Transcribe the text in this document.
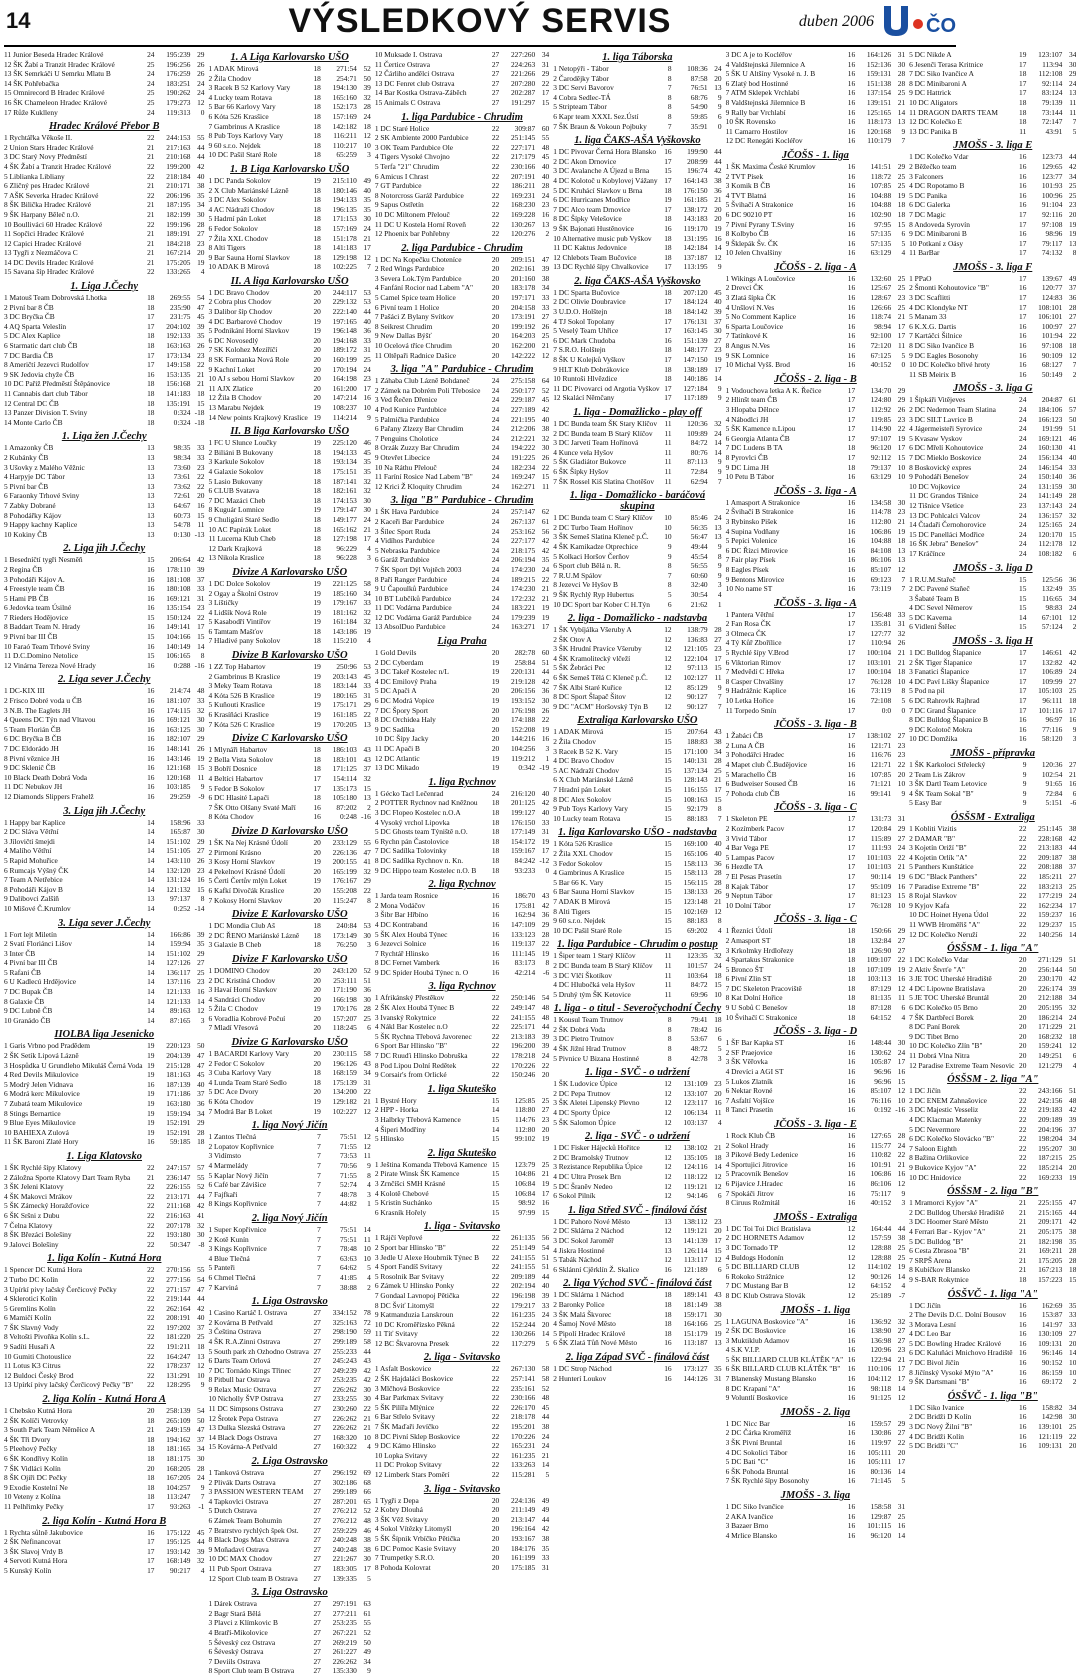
14	VÝSLEDKOVÝ SERVIS	duben 2006	ČO
11 Junior Beseda Hradec Králové	24	195:239 29
12 ŠK Žabí a Tranzit Hradec Králové	25	196:256 26
13 ŠK Semrkáči U Semrku Mlatu B	24	176:259 26
14 ŠK Pohřebačka	24	183:251 24
15 Omnirecord B Hradec Králové	25	190:262 24
16 ŠK Chameleon Hradec Králové	25	179:273 12
17 Růže Kuklleny	24	119:313	0
Hradec Králové Přebor B
1 Rychtářka Věkoše II.	22	244:153 55
2 Union Stars Hradec Králové	21	217:163 44
3 DC Starý Novy Předměstí	21	210:168 44
4 ŠK Žabí a Tranzit Hradec Králové	22	199:200 42
5 Liblianka Libliany	22	218:184 40
6 Zličný pes Hradec Králové	21	210:171 38
7 AŠK Severka Hradec Králové	22	206:196 35
8 ŠK Bilička Hradec Králové	21	187:195 34
9 ŠK Harpany Běleč n.O.	21	182:199 30
10 Boulliváci 60 Hradec Králové	22	199:196 28
11 Sopčici Hradec Králové	21	189:191 27
12 Capici Hradec Králové	21	184:218 23
13 Tygři z Nezmáčova C	21	167:214 20
14 DC Devils Hradec Králové	21	175:205 19
15 Savana šíp Hradec Králové	22	133:265	4
1. Liga J.Čechy
1 Matouš Team Dobrovská Lhotka	18	269:55 54
2 Pivní bar 8 ČB	18	235:90 47
3 DC Bryčka ČB	17	231:75 45
4 AQ Sparta Veleslín	17	204:102 39
5 DC Alex Kaplice	18	192:133 35
6 Starmatic dart club ČB	18	163:163 26
7 DC Bardia ČB	17	173:134 23
8 Američtí Jezevci Rudolfov	17	149:158 22
9 SK Jedovia chyže ČB	16	153:135 21
10 DC Pařiž Předměstí Štěpánovice	18	156:168 21
11 Cannabis dart club Tábor	18	141:183 18
12 Central DC ČB	18	135:191 15
13 Panzer Division T. Sviny	18	0:324 -18
14 Monte Carlo ČB	18	0:324 -18
1. Liga žen J.Čechy
1 Amazonky ČB	13	98:35 33
2 Kubánky ČB	13	98:34 33
3 Ušovky z Malého Věžnic	13	73:60 23
4 Harpyje DC Tábor	13	73:61 22
5 Pivní bar ČB	13	73:62 22
6 Faraonky Trhové Sviny	13	72:61 20
7 Zabky Dobrané	13	64:67 16
8 Pohodářky Kájov	13	60:73 15
9 Happy kachny Kaplice	13	54:78 11
10 Kokiny ČB	13	0:130 -13
2. Liga jih J.Čechy
1 Besedníčtí tygři Nesměň	15	206:64 42
2 Regina ČB	16	178:110 39
3 Pohodáři Kájov A.	16	181:108 37
4 Freestyle team ČB	16	180:108 33
5 Hami PB ČB	16	169:121 31
6 Jedovka team Úsilné	16	135:154 23
7 Rieders Hodějovice	15	150:124 22
8 Baddart Team N. Hrady	16	149:141 17
9 Pivní bar III ČB	15	104:166 15
10 Faraó Team Trhové Sviny	16	140:149 14
11 D.C.Domino Netolice	15	106:165	8
12 Vinárna Tereza Nové Hrady	16	0:288 -16
2. Liga sever J.Čechy
1 DC-KIX III	16	214:74 48
2 Frisco Dobré voda u ČB	16	181:107 33
3 N.B. The Eaglets JH	16	174:115 32
4 Queens DC Týn nad Vltavou	16	169:121 30
5 Team Florián ČB	16	163:125 30
6 DC Bryčka B ČB	16	182:107 29
7 DC Eldorádo JH	16	148:141 26
8 Pivní věznice JH	16	143:146 19
9 DC Sklenič ČB	16	121:168 15
10 Black Death Dobrá Voda	16	120:168 11
11 DC Nebukov JH	16	103:185	9
12 Diamonds Slippers Frahelž	16	29:259	-9
3. Liga jih J.Čechy
1 Happy bar Kaplice	14	158:96 33
2 DC Sláva Větřní	14	165:87 30
3 Jílovičtí šmejdi	14	151:102 29
4 Malího Větřní	14	151:105 27
5 Rapid Mohuřice	14	143:110 26
6 Rumcajs Výšný ČK	14	132:120 23
7 Team A Netřebice	14	131:124 16
8 Pohodáři Kájov B	14	121:132 15
9 Dalibovci Zalšíň	13	97:137	8
10 Mišové Č.Krumlov	14	0:252 -14
3. Liga sever J.Čechy
1 Fort lejt Miletín	14	166:86 39
2 Svatí Floriánci Lišov	14	159:94 35
3 Inter ČB	14	151:102 29
4 Pivní bar III ČB	14	127:126 27
5 Rafani ČB	14	136:117 25
6 U Kadlecú Hrdějovice	14	137:116 23
7 DC Bupak ČB	14	121:133 16
8 Galaxie ČB	14	121:133 14
9 DC Lubně ČB	14	89:163 12
10 Granádo ČB	14	87:165	3
IIOLBA liga Jesenicko
1 Garis Vrbno pod Pradědem	19	220:123 50
2 ŠK Setík Lipová Lázně	19	204:139 47
3 Hospůdka U Grundleho Mikuláš Černá Voda 19	215:128 47
4 Red Devils Mikulovice	19	181:163 45
5 Modrý Jelen Vidnava	16	187:139 40
6 Modrá kerc Mikulovice	19	171:186 37
7 Zubatá team Mikulovice	19	163:180 36
8 Stings Bernartice	19	159:194 34
9 Blue Eyes Mikulovice	19	152:191 29
10 BAHIEXA Zulová	19	152:191 28
11 ŠK Baroni Zlaté Hory	16	59:185 18
1. Liga Klatovsko
1 ŠK Rychlé šípy Klatovy	22	247:157 57
2 Záložna Sporte Klatovy Dart Team Ryba	21	236:147 55
3 ŠK Jeleni Klatovy	22	226:155 52
4 ŠK Makovci Mrákov	22	213:171 44
5 ŠK Zámecký Horažďovice	22	211:168 42
6 ŠK Sršni z Dubu	22	216:163 41
7 Čelna Klatovy	22	207:178 32
8 ŠK Březáci Bolešiny	22	193:180 30
9 Jalovci Bolešiny	22	50:347	-8
1. liga Kolín - Kutná Hora
1 Spencer DC Kutná Hora	22	270:156 55
2 Turbo DC Kolín	22	277:156 54
3 Upírkí pivy lačský Čerčicový Pečky	22	271:157 47
4 Skleroticí Kolín	22	219:144 44
5 Gremlins Kolín	22	262:164 42
6 Mamičí Kolín	22	208:191 40
7 ŠK Slavný Vody	22	197:202 37
8 Veltošti Pivoňka Kolín s.L.	22	181:220 25
9 Sadíti Husaři A	22	191:211 18
10 Gumiti Chotouslice	22	164:247 13
11 Lotus K3 Citrus	22	178:237 12
12 Buldoci Český Brod	22	131:291 10
13 Upírkí pivy lačský Čerčicový Pečky "B"	22	128:295	9
2. liga Kolín - Kutná Hora A
1 Chebsko Kutná Hora	20	258:139 54
2 ŠK Kolíči Vetrovky	18	265:109 50
3 South Park Team Něměice A	21	249:159 47
4 ŠK Tři Dvory	18	194:162 37
5 Pleehový Pečky	18	181:165 34
6 ŠK Kondřivy Kolín	18	181:175 30
7 ŠK Vidláci Kolín	20	168:205 28
8 ŠK Ojiři DC Pečky	18	167:205 24
9 Exodie Kostelní Ne	18	104:257	9
10 Veteny z Kolína	18	113:247	7
11 Pelhřimky Pečky	17	93:263	-1
2. liga Kolín - Kutná Hora B
1 Rychta sůlně Jakubovice	16	175:122 45
2 ŠK Nefinancovat	17	195:125 44
3 ŠK Slavoj Vrdy B	17	193:142 39
4 Servoti Kutná Hora	17	168:149 32
5 Kunský Kolín	17	90:217	4
1. A Liga Karlovarsko UŠO
1 ADAK Mirová	18	271:54 52
2 Žila Chodov	18	254:71 50
3 Racek B 52 Karlovy Vary	18	194:130 39
4 Lucky team Rotava	18	165:160 32
5 Bar 66 Karlovy Vary	18	152:173 28
6 Kóta 526 Krasšice	18	157:169 24
7 Gambrinus A Kraslice	18	142:182 18
8 Pub Toys Karlovy Vary	18	116:211 12
9 60 s.r.o. Nejdek	18	110:217 10
10 DC Pašil Staré Role	18	65:259	3
1. B Liga Karlovarsko UŠO
1 DC Panda Sokolov	19	215:110 49
2 X Club Mariánské Lázně	18	180:146 40
3 DC Alex Sokolov	18	194:133 35
4 AC Nádraží Chodov	18	196:135 35
5 Hadrní pán Loket	18	171:153 30
6 Fedor Sokolov	18	157:169 24
7 Žila XXL Chodov	18	151:178 21
8 Alti Tigers	18	141:183 17
9 Bar Sauna Horní Slavkov	18	129:198 12
10 ADAK B Mirová	18	102:225	7
II. A liga Karlovarsko UŠO
1 DC Bravo Chodov	20	244:117 53
2 Cobra plus Chodov	20	229:132 53
3 Dalibor šíp Chodov	20	222:140 44
4 DC Barbarové Chodov	19	197:165 40
5 Podnikání Horní Slavkov	19	196:148 36
6 DC Novosedlý	20	194:168 33
7 SK Kolohez Meziříčí	20	189:172 31
8 SK Formanka Nová Role	20	160:199 25
9 Kachní Loket	20	170:194 24
10 AJ s sebou Horní Slavkov	20	164:198 23
11 AJX Zlatice	20	161:200 17
12 Žila B Chodov	20	147:214 16
13 Marabu Nejdek	19	108:237 10
14 New points Krajkový Kraslice 19	114:214	9
II. B liga Karlovarsko UŠO
1 FC U Slunce Loučky	19	225:120 46
2 Biliáni B Bukovany	18	194:133 45
3 Karkule Sokolov	18	193:134 35
4 Galaxie Sokolov	18	175:151 35
5 Lasio Bukovany	18	187:141 32
6 CLUB Svatava	18	182:161 32
7 DC Mazáci Cheb	18	174:153 30
8 Kuguár Lomnice	19	179:147 30
9 Chuligáni Staré Sedlo	18	149:177 24
10 AC Papírák Loket	18	165:162 21
11 Lucerna Klub Cheb	18	127:198 17
12 Dark Krajková	18	96:229	4
13 Nikola Kraslice	18	96:228	3
Divize A Karlovarsko UŠO
1 DC Dolce Sokolov	19	221:125 58
2 Ogay a Školní Ostrov	19	185:160 34
3 Líštičky	19	179:167 33
4 Lidšík Nová Role	19	181:162 32
5 Kasabodří Vintířov	19	161:184 32
6 Tamtam Mašťov	18	143:186 19
7 Hladivé pany Sokolov	18	115:210	4
Divize B Karlovarsko UŠO
1 ZZ Top Habartov	19	250:96 53
2 Gambrinus B Kraslice	19	203:143 45
3 Meky Team Rotava	18	183:144 33
4 Kóta 526 B Kraslice	19	180:165 31
5 Kuňouti Kraslice	19	175:171 29
6 Krasíňáci Kraslice	19	161:185 22
7 Kóta 526 C Kraslice	19	170:205 13
Divize C Karlovarsko UŠO
1 Mlynáři Habartov	18	186:103 43
2 Bella Vista Sokolov	18	183:101 43
3 Bobří Dosnice	18	171:125 37
4 Beltíci Habartov	17	154:114 32
5 Fedor B Sokolov	17	135:173 15
6 DC Hlasité Lapači	18	105:180 13
7 ŠK Otto Olšany Svaté Maří	16	87:202	2
8 Kóta Chodov	16	0:248 -16
Divize D Karlovarsko UŠO
1 ŠK Na Nej Krásné Údolí	20	233:129 55
2 Pirmoní Krásno	20	226:136 47
3 Kosy Horní Slavkov	19	200:155 41
4 Pekelnoví Krásné Údolí	20	165:199 32
5 Čerti Čertův mlýn Loket	19	176:167 29
6 Kafkí Divočák Kraslice	20	155:208 22
7 Kokosy Horní Slavkov	20	115:247	8
Divize E Karlovarsko UŠO
1 DC Mondia Club Aš	18	240:84 53
2 DC ŘENO Mariánské Lázně	18	173:149 30
3 Galaxie B Cheb	18	76:250	3
Divize F Karlovarsko UŠO
1 DOMINO Chodov	20	243:120 52
2 DC Kristíná Chodov	20	253:111 51
3 Havaí Horní Slavkov	20	171:190 36
4 Sandráci Chodov	20	166:198 30
5 Žila C Chodov	19	170:176 28
6 Voradlia Kobrové Počuí	20	157:207 25
7 Mladí Vřesová	20	118:245	6
Divize G Karlovarsko UŠO
1 BACARDI Karlovy Vary	20	230:115 58
2 Fedor C Sokolov	20	196:126 43
3 Cuba Karlovy Vary	18	168:159 34
4 Lunda Team Staré Sedlo	18	175:139 31
5 DC Ace Dvory	20	134:200 22
6 Kóta Chodov	19	129:182 21
7 Modrá Bar B Loket	19	102:227 12
1. liga Nový Jičín
1 Zantos Tlečná	7	75:51 12
2 Lopatov Kopřivnice	7	71:55 12
3 Vidímsto	7	73:53 11
4 Marmelády	7	70:56	9
5 Kaplar Nový Jičín	7	71:55	8
6 Café bar Závišice	7	52:74	4
7 Fajfkaři	7	48:78	3
8 Kings Kopřivnice	7	44:82	1
2. liga Nový Jičín
1 Super Kopřivnice	7	75:51 14
2 Kotě Kunín	7	75:51 11
3 Kings Kopřivnice	7	78:48 10
4 Blue Tlečná	7	63:63 10
5 Panteři	7	64:62	5
6 Chmel Tlečná	7	41:85	4
7 Karviná	7	38:88	2
1. Liga Ostravsko
1 Casino Kartáč I. Ostrava	27	334:152 78
2 Kovárna B Petřvald	27	325:163 72
3 Čeština Ostrava	27	298:190 59
4 ŠK R.A.Zinni Ostrava	27	299:189 58
5 South park zh Ozhodno Ostrava 27	255:233 44
6 Darts Team Orlová	27	245:243 43
7 DC Tornádo Kings Třinec	27	249:239 42
8 Pitbull bar Ostrava	27	253:235 42
9 Relax Music Ostrava	27	226:262 30
10 Nicholly ŠVP Ostrava	27	233:255 30
11 DC Simpsons Ostrava	27	230:260 22
12 Šrotek Pepa Ostrava	27	226:262 21
13 Dulka Slezská Ostrava	27	226:262 21
14 Black Dogs Ostrava	27	168:320 10
15 Kovárna-A Petřvald	27	160:322	4
2. Liga Ostravsko
1 Tanková Ostrava	27	296:192 69
2 Plivák Darts Ostrava	27	302:186 68
3 PASSION WESTERN TEAM	27	299:189 66
4 Tapkovlci Ostrava	27	287:201 65
5 Dutch Ostrava	27	276:212 52
6 Zámek Team Bohumín	27	276:212 48
7 Bratrstvo rychlých špek Ost.	27	259:229 46
8 Black Dogs Max Ostrava	27	240:248 38
9 Moňadaví Ostrava	27	240:248 38
10 DC MAX Chodov	27	221:267 30
11 Pub Sport Ostrava	27	183:305 17
12 Sport Club team B Ostrava	27	139:335	5
3. Liga Ostravsko
1 Dárek Ostrava	27	297:191 63
2 Bagr Stará Bělá	27	277:211 61
3 Plavci z Klímkovic B	27	253:235 55
4 Bratří-Mikolovice	27	267:221 52
5 Šéveský cez Ostrava	27	269:219 50
6 Šéveský Ostrava	27	261:227 49
7 Deviils Ostrava	27	226:262 34
8 Sport Club team B Ostrava	27	135:330	9
10 Muksade I. Ostrava	27	227:260 34
11 Čertice Ostrava	27	224:263 31
12 Čárliho andělci Ostrava	27	221:266 29
13 DC Fenret club Ostrava	27	207:280 22
14 Bar Kostka Ostrava-Záběch	27	202:287 17
15 Animals C Ostrava	27	191:297 15
1. liga Pardubice - Chrudim
1 DC Staré Holice	22	309:87 60
2 SK Ambiente 2000 Pardubice	22	251:145 55
3 OK Team Pardubice Ole	22	227:171 48
4 Tigers Vysoké Chvojno	22	217:179 45
5 Terfa "21" Chrudim	22	230:166 40
6 Amicus I Chrast	22	207:191 40
7 GT Pardubice	22	186:211 28
8 Notorcross Garáž Pardubice	22	169:231 24
9 Sapus Ostřetín	22	168:230 23
10 DC Miltonem Přelouč	22	169:228 16
11 DC U Kostela Horní Roveň	22	130:267 13
12 Phoenix bar Pohřebny	22	120:276	2
2. liga Pardubice - Chrudim
1 DC Na Kopečku Choteníce	20	209:151 47
2 Red Wings Pardubice	20	202:161 39
3 Severa Lok.Tým Pardubice	20	201:160 38
4 Fanfání Rocior nad Labem "A"	20	183:178 34
5 Camel Spice team Holice	20	197:171 33
6 Pivní team 1 Holice	20	204:158 33
7 Pašáci Z Bylany Svítkov	20	173:191 27
8 Seikrest Chrudim	20	199:192 26
9 New Dallas Býšť	20	164:203 25
10 Ocelová tříce Chrudim	20	162:200 21
11 Oltěpaři Radnice Dašice	20	142:222 12
3. liga "A" Pardubice - Chrudim
1 Záhaba Club Lázně Bohdaneč	24	275:158 64
2 Zámek na Dobrém Poli Třebosice	24	250:177 52
3 Ved Řečen Dřenice	24	229:187 45
4 Pod Kunice Pardubice	24	227:189 42
5 Palmička Pardubice	24	221:195 40
6 Pařany Zlzezy Bar Chrudim	24	212:206 38
7 Penguins Cholotice	24	212:221 32
8 Orzák Zuzzy Bar Chrudim	24	194:222 30
9 Otevřet Libecice	24	191:225 26
10 Na Ráthu Přelouč	24	182:234 22
11 Faríní Rosice Nad Labem "B"	24	169:247 15
12 Krici Ž Kloquity Chrudim	24	162:271 11
3. liga "B" Pardubice - Chrudim
1 ŠK Hava Pardubice	24	257:147 62
2 Kaceři Bar Pardubice	24	267:137 61
3 Šílec Sport Ruda	24	253:162 56
4 Vidíhos Pardubice	24	227:177 42
5 Nebraska Pardubice	24	218:175 42
6 Garáž Pardubice	24	206:194 35
7 ŠK Sport Dýl Vojtěch 2003	24	174:230 24
8 Paří Ranger Pardubice	24	189:215 22
9 U Čapoulků Pardubice	24	174:230 21
10 BT Lubčíků Pardubice	24	172:232 21
11 DC Vodárna Pardubice	24	183:221 19
12 DC Vodárna Garáž Pardubice	24	179:239 19
13 AbsolDuo Pardubice	24	163:271 17
Liga Praha
1 Gold Devils	20	282:78 60
2 DC Cyberdam	19	258:84 51
3 DC Takeř Kostelec n/L	19	220:131 44
4 DC Emilový Praha	19	219:128 42
5 DC Apači A	20	206:156 36
6 DC Modrá Vopice	19	193:152 30
7 DC Špory Sport	20	176:198 26
8 DC Orchidea Haly	20	174:188 22
9 DC Sadílka	20	152:208 19
10 DC Šípy Jacky	20	144:216 16
11 DC Apači B	20	104:256	3
12 DC Atlantic	19	119:212	1
13 DC Mikado	19	0:342 -19
1. liga Rychnov
1 Gécko Tacl Lečenrad	24	216:120 40
2 POTTER Rychnov nad Kněžnou	18	201:125 42
3 DC Flopeo Kostelec n.O.A	18	199:127 40
4 Vysoký vrchol Lipovka	18	176:150 33
5 DC Ghosts team Týniště n.O.	18	177:149 31
6 Rychn pán Častolovice	18	154:172 19
7 DC Sadílka Tolovinky	18	159:167 17
8 DC Sadílka Rychnov n. Kn.	18	84:242 -12
9 DC Hippo team Kostelec n.O. B	18	93:233	0
2. liga Rychnov
1 Jarda team Rosnice	16	186:70 43
2 Mona Vodáčov	16	175:81 42
3 Šibr Bar Hřbíno	16	162:94 36
4 DC Kontraband	16	147:109 29
5 ŠK Alex Houbá Týnec	16	133:123 28
6 Jezevci Solnice	16	119:137 22
7 Rychtář Hlinsko	16	111:145 19
8 DC Fernet Vamberk	16	83:173	8
9 DC Spider Houbá Týnec n. O	16	42:214	-6
3. liga Rychnov
1 Afrikánský Přestěkov	22	250:146 54
2 ŠK Alex Houbá Týnec B	22	249:147 48
3 Ivanský Rokytnice	22	241:155 48
4 Nákl Bar Kostelec n.O	22	225:171 44
5 ŠK Rychna Třebová Javorenec	22	213:183 39
6 Sport Bar Hlinsko "B"	22	196:200 39
7 DC Ruuďi Hlinsko Dobruška	22	178:218 24
8 Pod Lípou Dolní Redětek	22	170:226 22
9 Corsair's from Orlické	22	150:246 20
1. liga Skuteško
1 Bystré Hory	15	125:85 25
2 HPP - Horka	14	118:80 27
3 Halbrky Třebová Kamence	15	114:76 23
4 Šiperi Modřiny	14	112:80 20
5 Hlinsko	15	99:102 19
2. liga Skuteško
1 Ještina Komanda Třebová Kamence 15	123:79 25
2 Pirate Winsk ŠK Kamence	15	104:86 21
3 Zrnčíšci SMH Krásné	15	106:84 19
4 Kolotě Chebové	15	106:84 17
5 Kristín Suchánko	15	98:92 16
6 Krasník Hořely	15	97:99 15
1. liga - Svitavsko
1 Rájčí Vepřové	22	261:135 56
2 Sport bar Hlinsko "B"	22	251:149 54
3 Jedle U Alexe Houbrník Týnec B	22	241:155 51
4 Sport Fandíš Svitavy	22	241:155 51
5 Rosolnik Bar Svitavy	22	209:189 44
6 Zámek U Hlinsko Ponky	22	202:194 40
7 Gondaal Lavnopoj Pětička	22	196:198 39
8 DC Šviť Litomyšl	22	179:217 33
9 Katmanduzia Lanskroun	22	161:235 24
10 DC Kroměřízsko Pěkná	22	152:244 20
11 Tíť Svitavy	22	130:266 14
12 BC Škvarovna Presek	22	117:279	5
2. liga - Svitavsko
1 Asfalt Boskovice	22	267:130 58
2 ŠK Hajdaláci Boskovice	22	257:141 58
3 Mlčhová Boskovice	22	235:161 52
4 Bar Parkmax Svitavy	22	230:166 48
5 ŠK Pilířa Mlýnice	22	226:170 45
6 Bar Střelo Svitavy	22	218:178 44
7 ŠK Maďaři Jevíčko	22	195:201 38
8 DC Pivní Sklep Boskovice	22	170:226 24
9 DC Kámo Hlinsko	22	165:231 24
10 Lopka Svitavy	22	161:235 21
11 DC Prokop Svitavy	22	133:263 14
12 Limberk Stars Poměrí	22	115:281	5
3. liga - Svitavsko
1 Tygři z Depa	20	224:136 49
2 Kobry Dlouhá	20	211:149 49
3 ŠK Věž Svitavy	20	213:147 44
4 Sokol Vítězky Litomyšl	20	196:164 42
5 ŠK Šípnik Vrbíčko Pětička	20	193:167 38
6 DC Pomoc Kasie Svitavy	20	184:176 35
7 Trumpetky S.R.O.	20	161:199 33
8 Pohoda Kolovrat	20	175:185 31
1. liga Táborska
1 Netopýři - Tábor	8	108:36 24
2 Čarodějky Tábor	8	87:58 20
3 DC Servi Bavorov	7	76:51 13
4 Cobra Sedlec-TÁ	8	68:76	9
5 Stripteam Tábor	8	54:90	9
6 Kapr team XXXL Sez.Ústí	8	59:85	6
7 ŠK Braun & Vokoun Pojbuky	7	35:91	0
1. liga ČAKS-AŠA Vyškovsko
1 DC Pivovar Černá Hora Blansko	16	199:90 44
2 DC Akon Drnovice	17	208:99 44
3 DC Avalanche A Újezd u Brna	15	196:74 42
4 DC Kolotoč u Kobylovej Vážany 17	164:143 38
5 DC Kruhácí Slavkov u Brna	18	176:150 36
6 DC Hurricanes Modřice	19	161:185 21
7 DC Alco team Drnovice	17	138:172 20
8 DC Šípky Velešovice	18	143:183 20
9 ŠK Bajonati Hustěnovice	16	119:170 19
10 Alternative music pub Vyškov	18	131:195 16
11 DC Kaktus Jedovnice	18	142:184 14
12 Chlebots Team Bučovice	18	137:187 12
13 DC Rychlé šípy Chvalkovice	17	113:195	9
2. liga ČAKS-AŠA Vyškovsko
1 DC Sparta Bučovice	18	207:120 45
2 DC Olivie Doubravice	17	184:124 40
3 U.D.O. Holštejn	18	184:142 39
4 TJ Sokol Topolany	17	176:131 37
5 Veselý Team Uhřice	17	163:145 30
6 DC Mark Chudoba	16	151:139 27
7 S.R.O. Holštejn	18	148:177 23
8 ŠK U Kolejků Vyškov	17	147:150 19
9 HLT Klub Dobrákovice	18	138:189 17
10 Runtoši Hlvězdice	18	140:186 14
11 DC Pivovarci od Argotia Vyškov 17	127:184	9
12 Skalácí Němčany	17	117:189	9
1. liga - Domažlicko - play off
1 DC Bunda team ŠK Stary Klíčov	11	120:36 32
2 DC Bunda team B Starý Klíčov	11	109:89 24
3 DC Jarvetí Team Hořínová	11	84:72 14
4 Kunce vela Hyšov	11	80:76 14
5 ŠK Gladiátor Bukovce	11	87:113	9
6 ŠK Šípky Hyšov	11	72:84	9
7 ŠK Rossel Kiš Slatina Chotěšov	11	62:94	7
1. liga - Domažlicko - baráčová skupina
1 DC Bunda team C Starý Klíčov	10	85:46 24
2 DC Turbo Team Hořínov	10	56:35 13
3 ŠK Semeš Slatina Kleneč p.Č.	10	56:47 13
4 ŠK Kamikadze Otprechice	9	49:44	9
5 Kolkaci Horšov Čerňov	9	45:54	8
6 Sport club Bělá n. R.	8	56:55	9
7 R.U.M Spálov	7	60:60	9
8 Jezevci Ve Hyšov B	8	32:40	3
9 ŠK Rychlý Ryp Hubertus	5	30:54	4
10 DC Sport bar Kober C H.Týn	6	21:62	1
2. liga - Domažlicko - nadstavba
1 ŠK Vybíjálka Všeruby A	12	138:79 28
2 ŠK Otov A	12	136:83 27
3 ŠK Hrudní Pravíce Všeruby	12	121:105 23
4 ŠK Kramolitecký vlčeží	12	122:104 17
5 ŠK Žebráci Pec	12	97:113 15
6 ŠK Semeš Tělá C Kleneč p.Č.	12	102:127 11
7 ŠK Albi Staré Kuřice	12	85:129	9
8 DC Sport Šlapač Šitov	12	90:127	7
9 DC "ACM" Horšovský Týn B	12	90:127	7
Extraliga Karlovarsko UŠO
1 ADAK Mirová	15	207:64 43
2 Žila Chodov	15	188:83 38
3 Racek B 52 K. Vary	15	171:100 34
4 DC Bravo Chodov	15	140:131 28
5 AC Nádraží Chodov	15	137:134 25
6 X Club Mariánské Lázně	15	128:143 21
7 Hradní pán Loket	15	116:155 17
8 DC Alex Sokolov	15	108:163 15
9 Pub Toys Karlovy Vary	15	92:179	8
10 Lucky team Rotava	15	88:183	7
1. liga Karlovarsko UŠO - nadstavba
1 Kóta 526 Kraslice	15	169:100 40
2 Žila XXL Chodov	15	165:106 40
3 Fedor Sokolov	15	158:113 36
4 Gambrinus A Kraslice	15	158:113 28
5 Bar 66 K. Vary	15	156:115 28
6 Bar Sauna Horní Slavkov	15	138:133 26
7 ADAK B Mirová	15	123:148 21
8 Alti Tigers	15	102:169 12
9 60 s.r.o. Nejdek	15	88:183	8
10 DC Pašil Staré Role	15	69:202	4
1. liga Pardubice - Chrudim o postup
1 Šiper team 1 Starý Klíčov	11	123:35 32
2 DC Bunda team B Starý Klíčov	11	101:57 24
3 DC Vlčí Škotíkov	11	103:64 18
4 DC Hlubočká vela Hyšov	11	84:72 15
5 Druhý tým ŠK Ketovice	11	69:96 10
1. liga - o titul - Severočychodní Čechy
1 Kousul Team Trutnov	8	79:41 18
2 ŠK Dobrá Voda	8	78:42 16
3 DC Pietro Trutnov	8	53:67	6
4 ŠK Jižní Hrad Trutnov	8	48:72	5
5 Pivnice U Bizana Hostinné	8	42:78	3
1. liga - SVČ - o udržení
1 ŠK Ludovice Úpice	12	131:109 23
2 DC Pepa Trutnov	12	133:107 20
3 ŠK Aletei Lipenský Plevno	12	123:117 16
4 DC Sporty Úpice	12	106:134 11
5 ŠK Salomon Úpice	12	103:137	4
2. liga - SVČ - o udržení
1 DC Fisker Hájecků Hořitce	12	138:102 21
2 DC Bramolský Trutnov	12	135:105 18
3 Rezistance Republika Úpice	12	124:116 14
4 DC Ultra Prosek Brn	12	118:122 12
5 DC Šraněv Nedeo	12	119:121 12
6 Sokol Pilník	12	94:146	6
1. liga Střed SVČ - finálová část
1 DC Pahoro Nové Město	13	138:112 23
2 DC Sklárna 2 Náchod	12	119:121 20
3 DC Sokol Jaroměř	13	141:139 17
4 Jiskra Hostinné	13	126:114 15
5 Tabák Náchod	12	113:117 12
6 Sklánní Cjěrklín Ž. Skalice	16	121:189	6
2. liga Východ SVČ - finálová část
1 DC Sklárna 1 Náchod	18	189:141 43
2 Baronky Police	18	181:149 38
3 ŠK Malá Škvorec	18	159:171 30
4 Šamoj Nové Město	18	164:166 25
5 Pipolí Hradec Králové	18	151:179 19
6 ŠK Zlatá Tůň Nové Město	16	113:187 13
2. liga Západ SVČ - finálová část
1 DC Strop Náchod	16	173:127 35
2 Hunterí Loukov	16	144:126 31
3 DC A je to Kocléřov	16	164:126 31
4 Valdštejnská Jilemnice A	16	152:136 30
5 ŠK U Altšíny Vysoké n. J. B	16	159:131 28
6 Zlatý bod Hostinné	16	151:138 28
7 ATM Sklepek Vrchlabí	16	137:154 25
8 Valdštejnská Jilemnice B	16	139:151 21
9 Rally bar Vrchlabí	16	125:165 14
10 ŠK Rovensko	16	118:173 13
11 Camarro Hostilov	16	120:168	9
12 DC Renegáti Kocléřov	16	110:179	7
JČOŠS - 1. liga
1 ŠK Maxima České Krumlov	16	141:51 29
2 TVT Písek	16	118:72 25
3 Komik B ČB	16	107:85 25
4 TVT Blatná	16	104:88 19
5 Švihačí A Strakonice	16	104:88 18
6 DC 90210 PT	16	102:90 18
7 Pivní Pyrany T.Sviny	16	97:95 15
8 Kolbybo ČB	16	57:135	6
9 Šklepák Šv. ČK	16	57:135	5
10 Jelen Chvalšiny	16	63:129	4
JČOŠS - 2. liga - A
1 Wikings A Loučovice	16	132:60 25
2 Drevcí ČK	16	125:67 25
3 Zlatá šípka ČK	16	128:67 23
4 Unšloví N.Ves	16	126:66 25
5 No Comment Kaplice	16	118:74 21
6 Sparta Loučovice	16	98:94 17
7 Tatínkové K	16	92:100 17
8 Angus N.Ves	16	72:120 11
9 SK Lomnice	16	67:125	5
10 Michal Vyšš. Brod	16	40:152	0
JČOŠS - 2. liga - B
1 Vodouchova letka A K. Řečice	17	134:70 29
2 Hlinšt team ČB	17	124:80 29
3 Hlopaba Dělnce	17	112:92 26
4 Nábodlci JH	17	119:85 23
5 ŠK Kamence n.Lipou	17	114:90 22
6 Georgia Atlanta ČB	17	97:107 19
7 DC Ludens B TA	18	96:120 17
8 Pyrovlci ČB	17	92:112 15
9 DC Lima JH	18	79:137 10
10 Petu B Tábor	16	63:129 10
JČOŠS - 3. liga - A
1 Amasport A Strakonice	16	134:58 30
2 Švihačí B Strakonice	16	114:78 23
3 Rybinsko Pišek	16	112:80 21
4 Supina Vodňany	16	106:86 19
5 Pepíci Volenice	16	104:88 18
6 DC Řízci Mirovice	16	84:108 13
7 Fair play Písek	16	86:106 13
8 Eagles Písek	16	85:107 12
9 Bentons Mirovice	16	69:123	7
10 No name ST	16	73:119	7
JČOŠS - 3. liga - A
1 Pantera Větřní	17	156:48 33
2 Fan Rosa ČK	17	135:81 31
3 Olmeca ČK	17	127:77 32
4 Tý Kůř Zbořílice	17	110:94 26
5 Rychlé šípy V.Brod	17	100:104 21
6 Viktorian Rimov	17	103:101 21
7 Medvědí C Hřeka	17	100:104 18
8 Casper Chvalšiny	17	76:128 10
9 Hadrážnic Kaplice	16	73:119	8
10 Letka Hořice	16	72:108	5
11 Torpedo Smín	17	0:0	0
JČOŠS - 3. liga - B
1 Žabáci ČB	17	138:102 27
2 Luna A ČB	16	121:71 23
3 Pohodářci Hradec	16	116:76 23
4 Mapet club Č.Budějovice	16	121:71 22
5 Marachello ČB	16	107:85 20
6 Budweiser Soused ČB	16	71:121 10
7 Pohoda club ČB	16	99:141	9
JČOŠS - 3. liga - C
1 Skeleton PE	17	131:73 31
2 Kozímberk Pacov	17	120:84 29
3 Vivid Tábor	17	115:89 27
4 Bar Vega PE	17	111:93 24
5 Lampas Pacov	17	101:103 22
6 Hezdle TA	17	101:103 21
7 El Pesas Prasetín	17	90:114 19
8 Kajak Tábor	17	95:109 16
9 Neptun Tábor	17	81:123 15
10 Dolní Tábor	17	76:128 10
JČOŠS - 3. liga - C
1 Řezníci Údolí	18	150:66 29
2 Amasport ST	18	132:84 27
3 Krkolmky Hrdlořezy	18	126:90 27
4 Spartakus Strakonice	18	109:107 22
5 Bronco ŠT	18	107:109 19
6 Pivní Zlin ST	18	103:113 16
7 DC Skeleton Pracoviště	18	87:129 12
8 Kat Dolní Hořice	18	81:135 11
9 U Sobů C Benešov	18	87:128	6
10 Švihačí C Strakonice	18	64:152	4
JČOŠS - 3. liga - D
1 ŠF Bar Kapka ST	16	148:44 30
2 SF Praejovice	16	130:62 24
3 ŠK Věřovka	16	105:87 17
4 Drevíci a AGI ST	16	96:96 16
5 Lukos Zlatník	16	96:96 15
6 Nektar Rovné	16	85:107 12
7 Asfaltí Vojšíce	16	76:116 10
8 Tanci Prasetín	16	0:192 -16
JČOŠS - 3. liga - E
1 Rock Klub ČB	16	127:65 28
2 Sokol Hrady	16	115:77 24
3 Pikové Bedy Ledenice	16	110:82 22
4 Sportujici Jitrovice	16	101:91 21
5 Pracovník Benešov	16	106:86 16
6 Pijavice J.Hradec	16	86:106 12
7 Spokáči Jitrov	16	75:117	9
8 Ciruus Rožmitál	16	40:152	3
JMOŠS - Extraliga
1 DC Toi Toi Dicí Bratislava	12	164:44 44
2 DC HORNETS Adamov	12	157:59 38
3 DC Tornado TP	12	128:88 25
4 Buldogs Hodonín	12	128:88 25
5 DC BILLIARD CLUB	12	114:102 19
6 Rokoko Strážnice	12	90:126 14
7 DC Mustang Bar B	12	64:152	4
8 DC Klub Ostrava Slovák	12	25:189	-7
JMOŠS - 1. liga
1 LAGUNA Boskovice "A"	16	136:92 32
2 ŠK DC Boskovice	16	138:90 27
3 Muktiklub Adamov	16	136:98 27
4 S.K V.I.P.	16	120:96 23
5 ŠK BILLIARD CLUB KLÁTĚK "A" 16	122:94 21
6 ŠK BILLARD CLUB KLÁTĚK "B"	16	110:106 17
7 Blanenský Mustang Blansko	16	104:112 17
8 DC Krapaní "A"	16	98:118 14
9 Voluntlí Boskovice	16	91:125 12
JMOŠS - 2. liga
1 DC Nicc Bar	16	159:57 29
2 DC Čárka Kroměříž	16	130:86 27
3 ŠK Pivní Bruntal	16	119:97 22
4 DC Sokolíci Tábor	16	105:111 20
5 DC Bati "C"	16	105:111 17
6 ŠK Pohoda Bruntal	16	80:136 14
7 ŠK Rychlé šípy Bosonohy	16	71:145	5
JMOŠS - 3. liga
1 DC Siko Ivančice	16	158:58 31
2 AKA Ivančice	16	129:87 25
3 Bazaer Brno	16	101:115 16
4 Mrlice Blansko	16	96:120 14
5 DC Nikde A	19	123:107 34
6 Jesenči Terasa Kritnice	17	113:94 30
7 DC Siko Ivančice A	18	112:108 29
8 DC Minibaroni A	17	92:114 24
9 DC Hattrick	17	83:124 13
10 DC Aligators	18	79:139 11
11 DRAGON DARTS TEAM	18	73:144 11
12 DC Kolečko E	18	72:147	7
13 DC Panika B	11	43:91	5
JMOŠS - 3. liga E
1 DC Kolečko Vdar	16	123:73 44
2 Běžečko team	16	129:65 42
3 Falconers	16	123:77 34
4 DC Ropotamo B	16	101:93 25
5 DC Panika	16	100:96 25
6 DC Galerka	16	91:104 23
7 DC Magic	17	92:116 20
8 Andoveda Syrovín	17	97:108 19
9 DC Minibaroni B	16	98:96 19
10 Potkaní z Oásy	17	79:117 13
11 BarBar	17	74:132	8
JMOŠS - 3. liga F
1 PPaO	17	139:67 49
2 Šmonti Kohoutovice "B"	16	120:77 37
3 DC Scaflitti	17	124:83 36
4 DC Klondyke NT	17	108:101 28
5 Manam 33	17	106:101 27
6 K.X.G. Dartis	16	100:97 27
7 Kartáčci Šilnice	16	101:94 22
8 DC Siko Ivančice B	16	97:108 18
9 DC Eagles Bosonohy	16	90:109 12
10 DC Kolečko břivé hroty	16	68:127	7
11 SB Meirix B	16	50:149	2
JMOŠS - 3. liga G
1 Šípkáři Vitějeves	24	204:87 61
2 DC Nedemon Team Slatina	24	184:106 57
3 DC SILT Lavrice B	24	166:123 50
4 Jágermeisteři Syrovice	24	191:99 51
5 Kvasaw Vyskov	24	169:121 46
6 DC Mřelí Kohoutovice	24	160:130 41
7 DC Mieklo Boskovice	24	156:134 40
8 Boskovický expres	24	146:154 33
9 Pohodáři Benešov	24	150:140 36
10 DC Vojkovice	24	131:159 30
11 DC Grandos Tišnice	24	141:149 28
12 Tišnice Všetice	23	137:143 24
13 DC Pohlcalci Valcov	24	136:157 32
14 Čtadaři Černohorovice	24	125:165 24
15 DC Panelláci Modřice	24	120:170 15
16 ŠK Jebra" Benešov"	24	112:178 12
17 Kráčínce	24	108:182	6
JMOŠS - 3. liga D
1 R.U.M.Stařeč	15	125:56 36
2 DC Pavené Staňeč	15	132:49 35
3 Šabaté Team B	15	116:65 34
4 DC Sevel Němerov	15	98:83 24
5 DC Kaverna	14	67:101 12
6 Vidlení Štělec	15	57:124	2
JMOŠS - 3. liga H
1 DC Bulldog Šlapanice	17	146:61 42
2 ŠK Tiger Šlapanice	17	132:82 42
3 Fanatici Šlapanice	17	106:89 24
4 DC Paví Lišky Šlapanice	17	109:99 27
5 Pod na pil	17	105:103 25
6 DC Rahrovlk Rajhrad	17	96:111 18
7 DC Grand Šlapanice	17	101:116 17
8 DC Bulldog Šlapanice B	16	96:97 16
9 DC Kolotoč Mokra	16	77:116	9
10 DC Domžika	16	58:120	3
JMOŠS - přípravka
1 ŠK Karkoloci Střelecký	9	120:36 27
2 Team Lis Zákrov	9	102:54 21
3 ŠK Dartl Team Letovice	9	91:65 16
4 ŠK Team Sokal "B"	9	72:84	6
5 Easy Bar	9	5:151	-6
ÓSŠSM - Extraliga
1 Kobliti Vizitis	22	251:145 38
2 DAMAR "B"	22	228:168 42
3 Kojetín Oriží "B"	22	213:183 44
4 Kojetin Orlík "A"	22	209:187 38
5 Panthers Kunštátice	22	208:188 37
6 DC "Black Panthers"	22	185:211 27
7 Paradise Extreme "B"	22	183:213 25
8 Rojal Slavkov	22	177:219 24
9 Kyjov Kafa	22	162:234 17
10 DC Hoinet Hyena Údol	22	159:237 16
11 WWB Hroměřiš "A"	22	129:237 15
12 DC Kolečko Neruží	22	140:256 14
ÓSŠSM - 1. liga "A"
1 DC Kolečko Vdar	20	271:129 51
2 Aktiv Štvrťe "A"	20	256:144 50
3 JE TOC Uherské Hradiště	20	230:170 42
4 DC Lipowne Bratislava	20	226:174 39
5 JE TOC Uherské Bruntál	20	212:188 34
6 DC Kolečko 05 Brno	20	205:195 32
7 ŠK Dartbřecí Borek	20	186:214 24
8 DC Paní Borek	20	171:229 21
9 DC Tibet Brno	20	168:232 18
10 DC Kolečko Zlín "B"	20	159:241 12
11 Dobrá Vlna Nitra	20	149:251	6
12 Paradise Extreme Team Nesovic 20	121:279	4
ÓSŠSM - 2. liga "A"
1 DC Jičín	22	243:166 51
2 DC ENEM Zahnašovice	22	242:156 48
3 DC Majestic Vesseliz	22	219:183 42
4 DC Klacman Matenky	22	209:189 39
5 DC Nevermore	22	204:196 37
6 DC Kolečko Slovácko "B"	22	198:204 34
7 Saloon Eighth	22	195:207 30
8 Bažina Orlikovice	22	187:215 25
9 Bukovice Kyjov "A"	22	185:214 20
10 DC Hnidovice	22	169:233 19
ÓSŠSM - 2. liga "B"
1 Mramorci Kyjov "A"	21	225:155 47
2 DC Bulldog Uherské Hradiště	21	215:165 44
3 DC Hoomer Staré Město	21	209:171 42
4 Ferrari Bar - Kyjov "A"	21	205:175 38
5 DC Bulldog "B"	21	182:198 35
6 Cesta Zbrasoa "B"	21	169:211 28
7 SRPŠ Arena	21	175:205 28
8 Kubíčkov Blansko	21	167:213 18
9 S-BAR Rokytnice	18	157:223 15
ÓSŠVČ - 1. liga "A"
1 DC Jičín	16	162:69 35
2 The Devils D.C. Dolní Bousov	16	153:87 33
3 Morava Lesní	16	141:97 33
4 DC Leo Bar	16	130:109 27
5 DC Bowling Hradec Králové	16	109:131 20
6 DC Kaluňáci Mnichovo Hradiště 16	96:146 14
7 DC Bivol Jičín	16	90:152 10
8 Jičínský Vysoké Mýto "A"	16	86:159 10
9 ŠK Dartsmani "B"	16	69:172	2
ÓSŠVČ - 1. liga "B"
1 DC Siko Ivanice	16	158:82 34
2 DC Bridži D Kolín	16	142:98 30
3 DC Nový Žilní "B"	16	139:101 25
4 DC Bridži Kolín	16	121:119 22
5 DC Bridži "C"	16	109:131 20
